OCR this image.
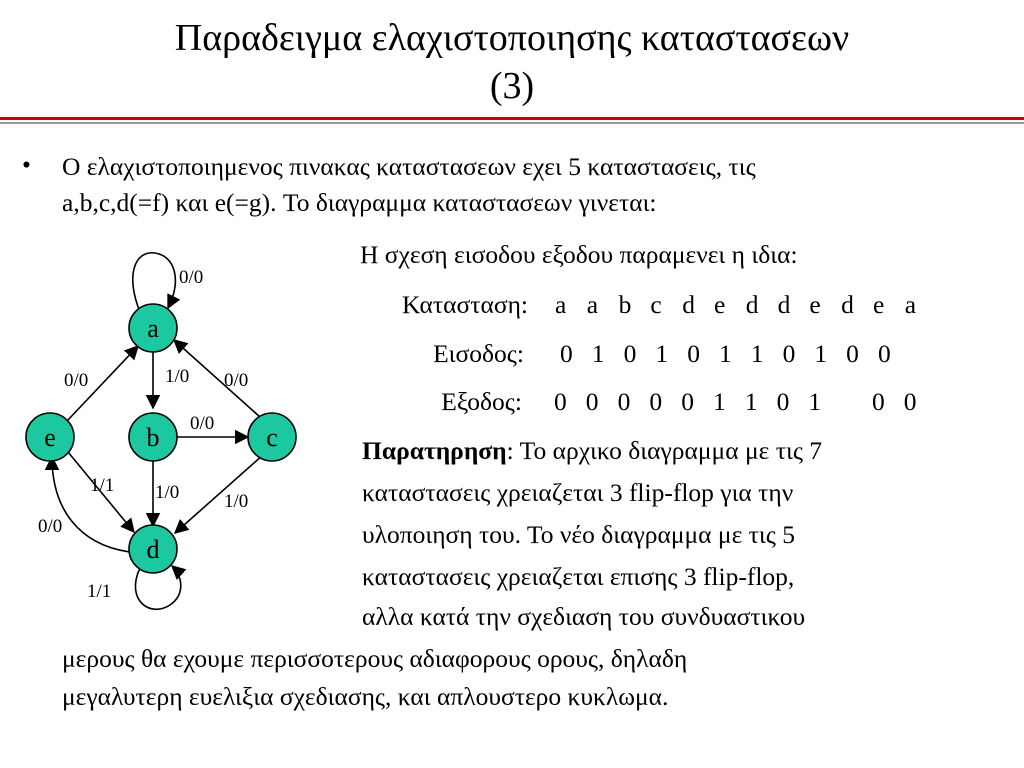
Παραδειγμα ελαχιστοποιησης καταστασεων
(3)
• Ο ελαχιστοποιημενος πινακας καταστασεων εχει 5 καταστασεις, τις
a,b,c,d(=f) και e(=g). Το διαγραμμα καταστασεων γινεται:
0/0
1/0 0/0
0/0
0/0
1/0 1/0
1/1
0/0
1/1
a
b	c
d
e
Η σχεση εισοδου εξοδου παραμενει η ιδια:
Κατασταση: a a b c d e d d e d e a
Εισοδος: 0 1 0 1 0 1 1 0 1 0 0
Εξοδος: 0 0 0 0 0 1 1 0 1	0 0
Παρατηρηση: Το αρχικο διαγραμμα με τις 7
καταστασεις χρειαζεται 3 flip-flop για την
υλοποιηση του. Το νέο διαγραμμα με τις 5
καταστασεις χρειαζεται επισης 3 flip-flop,
αλλα κατά την σχεδιαση του συνδυαστικου
μερους θα εχουμε περισσοτερους αδιαφορους ορους, δηλαδη
μεγαλυτερη ευελιξια σχεδιασης, και απλουστερο κυκλωμα.
